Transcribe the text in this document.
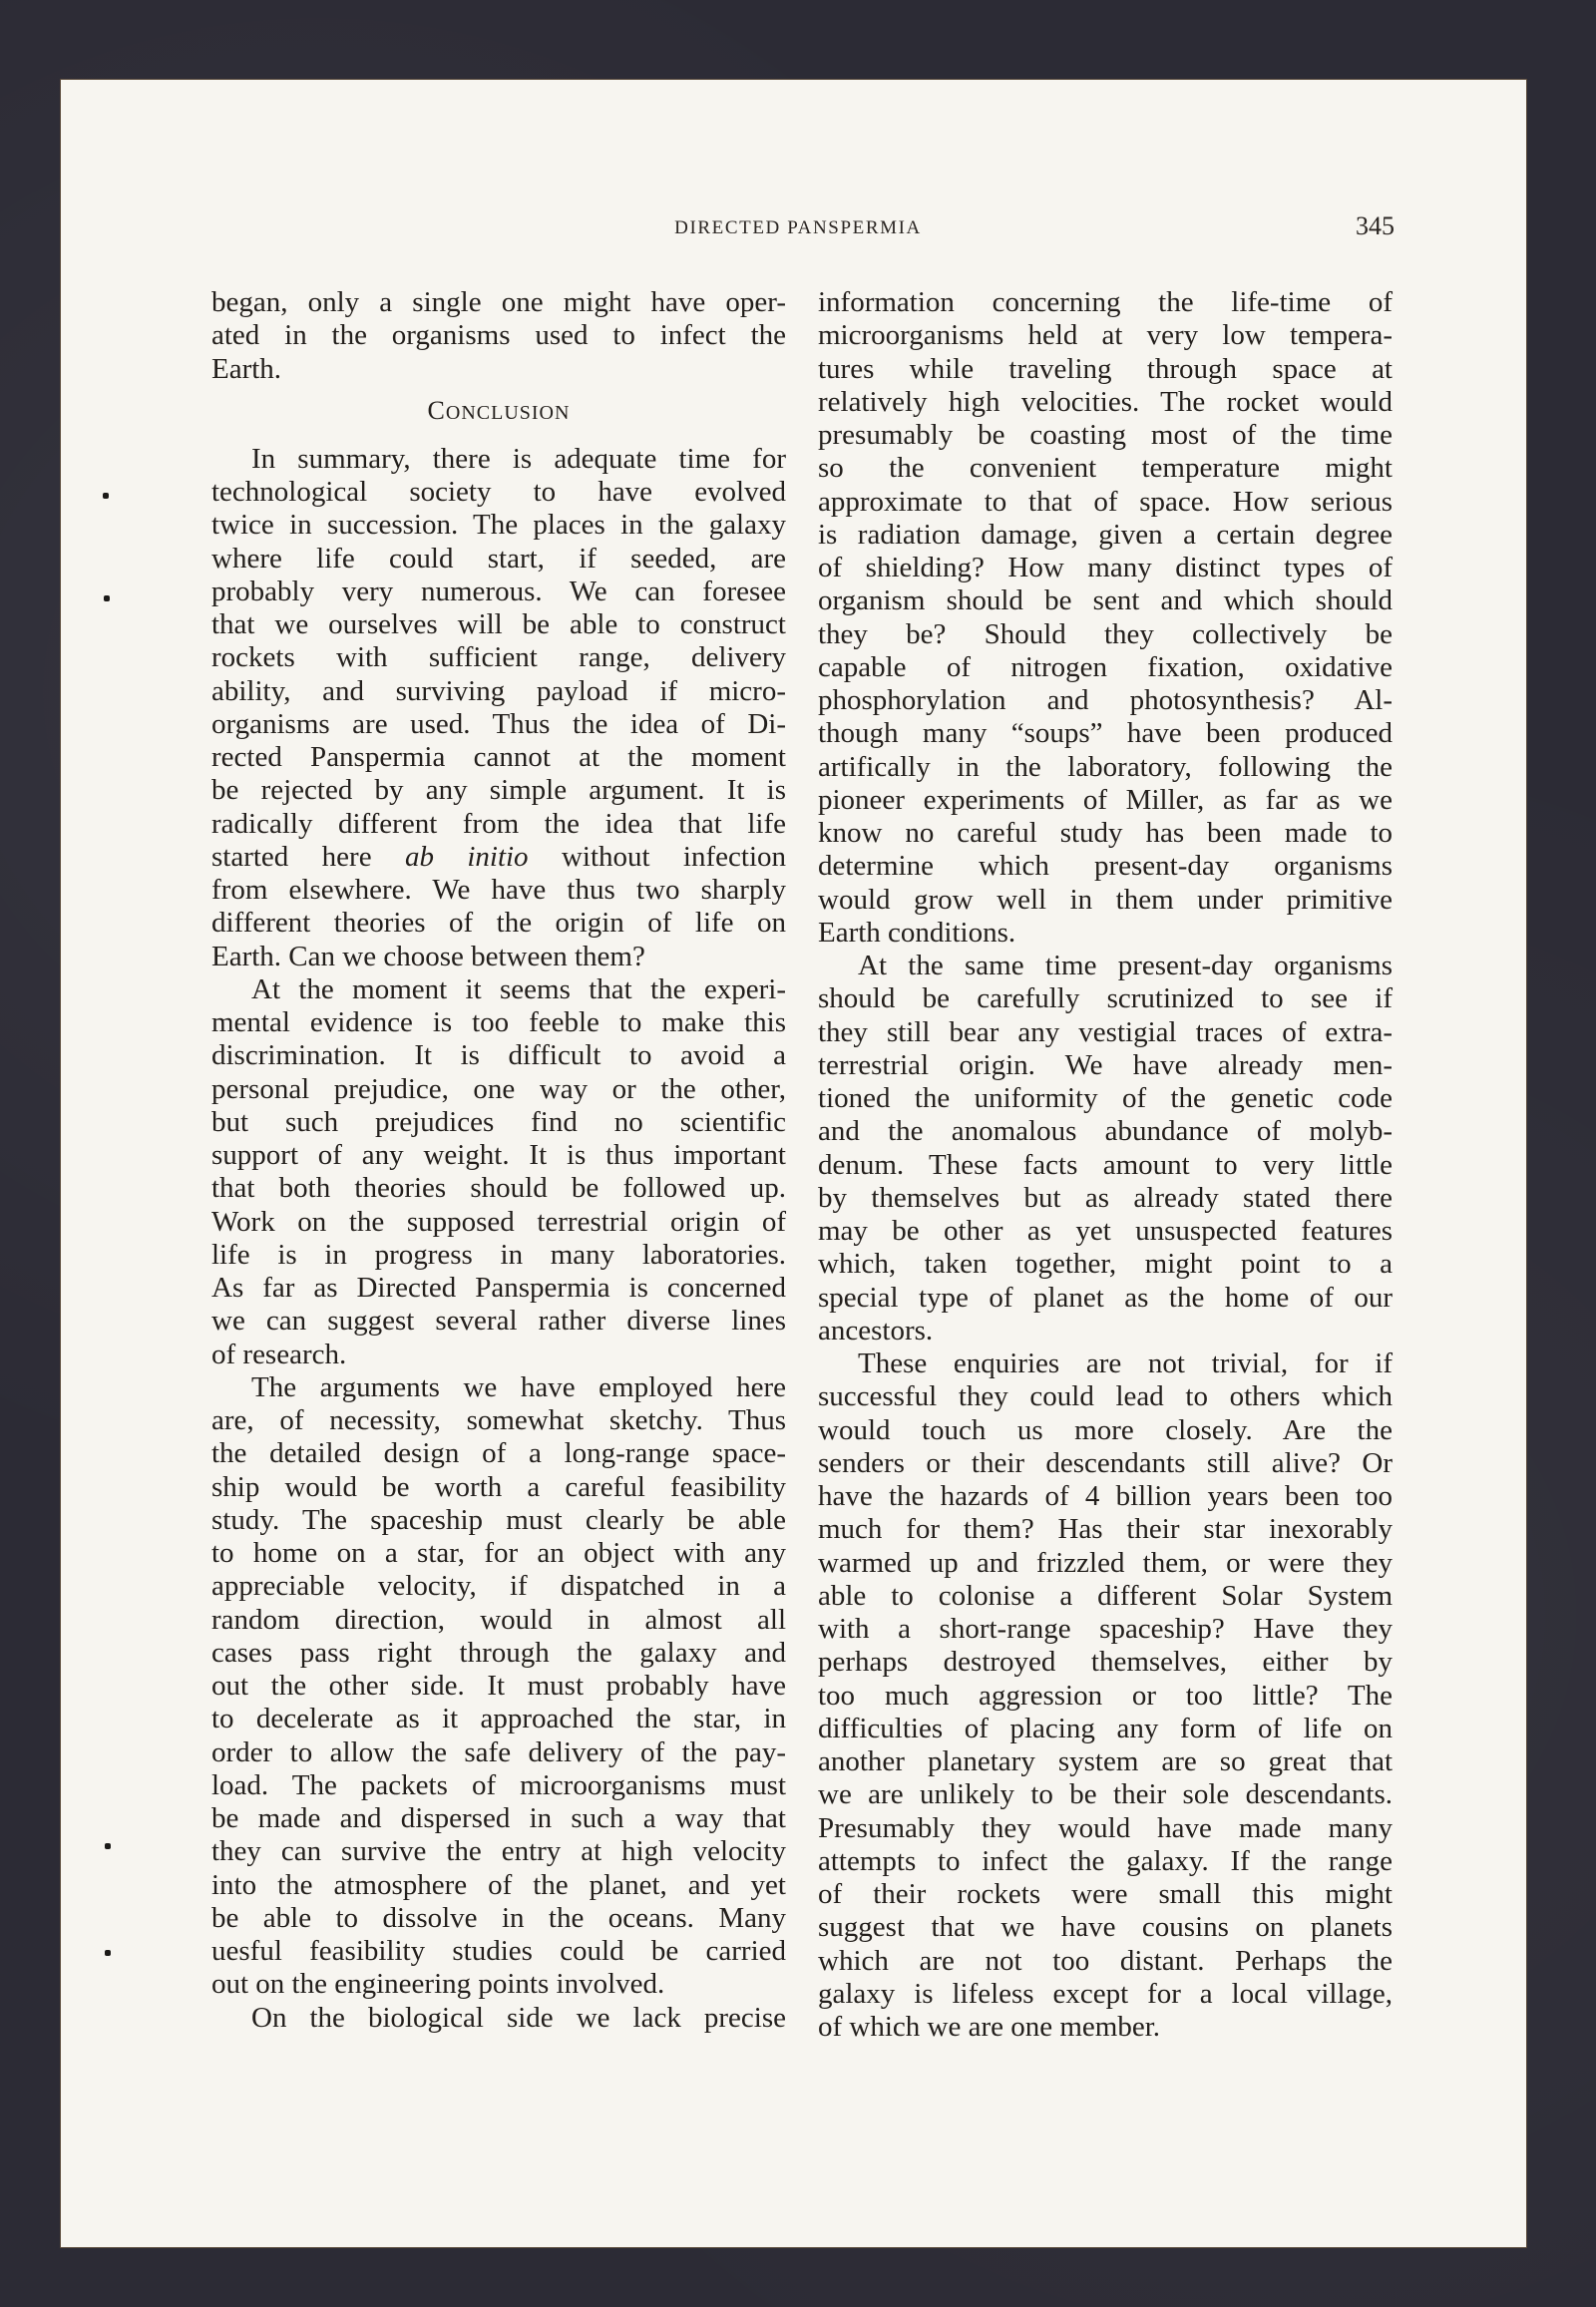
DIRECTED PANSPERMIA	345
began, only a single one might have oper-
ated in the organisms used to infect the
Earth.
CONCLUSION
In summary, there is adequate time for
technological society to have evolved
twice in succession. The places in the galaxy
where life could start, if seeded, are
probably very numerous. We can foresee
that we ourselves will be able to construct
rockets with sufficient range, delivery
ability, and surviving payload if micro-
organisms are used. Thus the idea of Di-
rected Panspermia cannot at the moment
be rejected by any simple argument. It is
radically different from the idea that life
started here ab initio without infection
from elsewhere. We have thus two sharply
different theories of the origin of life on
Earth. Can we choose between them?
At the moment it seems that the experi-
mental evidence is too feeble to make this
discrimination. It is difficult to avoid a
personal prejudice, one way or the other,
but such prejudices find no scientific
support of any weight. It is thus important
that both theories should be followed up.
Work on the supposed terrestrial origin of
life is in progress in many laboratories.
As far as Directed Panspermia is concerned
we can suggest several rather diverse lines
of research.
The arguments we have employed here
are, of necessity, somewhat sketchy. Thus
the detailed design of a long-range space-
ship would be worth a careful feasibility
study. The spaceship must clearly be able
to home on a star, for an object with any
appreciable velocity, if dispatched in a
random direction, would in almost all
cases pass right through the galaxy and
out the other side. It must probably have
to decelerate as it approached the star, in
order to allow the safe delivery of the pay-
load. The packets of microorganisms must
be made and dispersed in such a way that
they can survive the entry at high velocity
into the atmosphere of the planet, and yet
be able to dissolve in the oceans. Many
uesful feasibility studies could be carried
out on the engineering points involved.
On the biological side we lack precise
information concerning the life-time of
microorganisms held at very low tempera-
tures while traveling through space at
relatively high velocities. The rocket would
presumably be coasting most of the time
so the convenient temperature might
approximate to that of space. How serious
is radiation damage, given a certain degree
of shielding? How many distinct types of
organism should be sent and which should
they be? Should they collectively be
capable of nitrogen fixation, oxidative
phosphorylation and photosynthesis? Al-
though many “soups” have been produced
artifically in the laboratory, following the
pioneer experiments of Miller, as far as we
know no careful study has been made to
determine which present-day organisms
would grow well in them under primitive
Earth conditions.
At the same time present-day organisms
should be carefully scrutinized to see if
they still bear any vestigial traces of extra-
terrestrial origin. We have already men-
tioned the uniformity of the genetic code
and the anomalous abundance of molyb-
denum. These facts amount to very little
by themselves but as already stated there
may be other as yet unsuspected features
which, taken together, might point to a
special type of planet as the home of our
ancestors.
These enquiries are not trivial, for if
successful they could lead to others which
would touch us more closely. Are the
senders or their descendants still alive? Or
have the hazards of 4 billion years been too
much for them? Has their star inexorably
warmed up and frizzled them, or were they
able to colonise a different Solar System
with a short-range spaceship? Have they
perhaps destroyed themselves, either by
too much aggression or too little? The
difficulties of placing any form of life on
another planetary system are so great that
we are unlikely to be their sole descendants.
Presumably they would have made many
attempts to infect the galaxy. If the range
of their rockets were small this might
suggest that we have cousins on planets
which are not too distant. Perhaps the
galaxy is lifeless except for a local village,
of which we are one member.
